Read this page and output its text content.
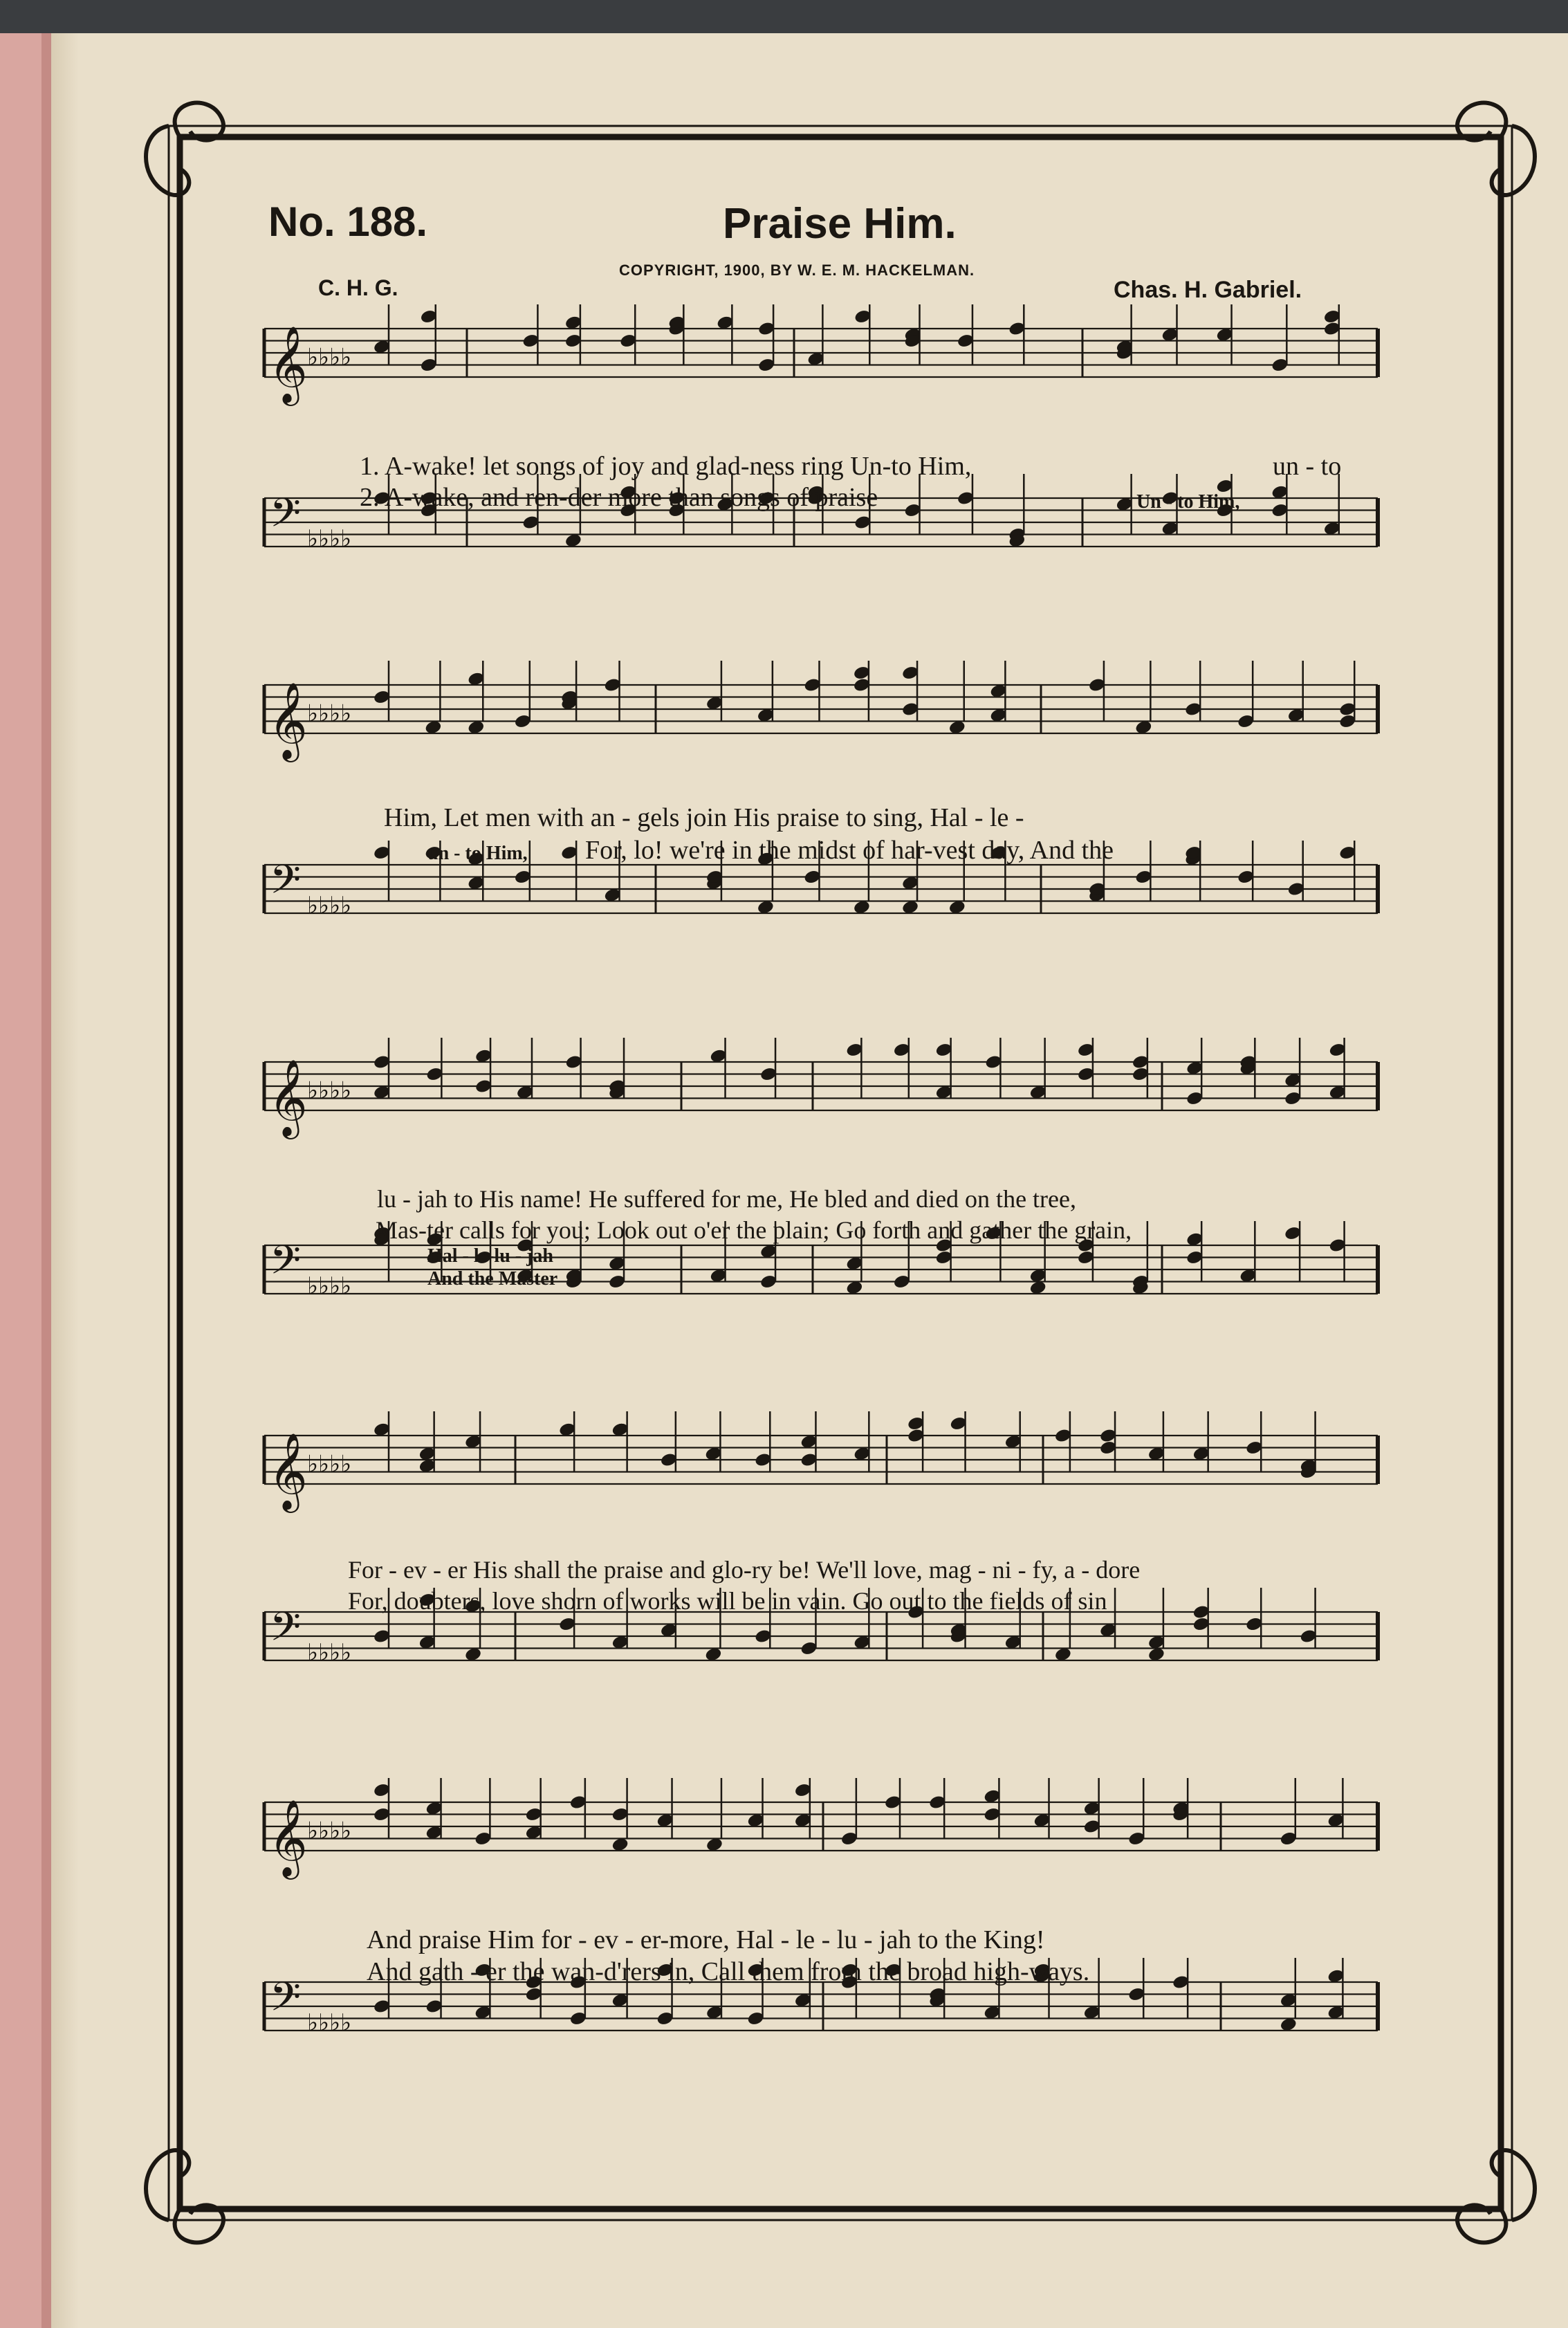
No. 188.	Praise Him.
COPYRIGHT, 1900, BY W. E. M. HACKELMAN.
C. H. G.	Chas. H. Gabriel.
𝄞
𝄢
♭♭♭♭
♭♭♭♭
𝄞
𝄢
♭♭♭♭
♭♭♭♭
𝄞
𝄢
♭♭♭♭
♭♭♭♭
𝄞
𝄢
♭♭♭♭
♭♭♭♭
𝄞
𝄢
♭♭♭♭
♭♭♭♭
1. A-wake! let songs of joy and glad-ness ring Un-to Him,	un - to
2. A-wake, and ren-der more than songs of praise	Un - to Him,
Him, Let men with an - gels join His praise to sing, Hal - le -
un - to Him, For, lo! we're in the midst of har-vest day, And the
lu - jah to His name! He suffered for me, He bled and died on the tree,
Mas-ter calls for you; Look out o'er the plain; Go forth and gather the grain,
Hal - le-lu - jah
And the Master
For - ev - er His shall the praise and glo-ry be! We'll love, mag - ni - fy, a - dore
For, doubters, love shorn of works will be in vain. Go out to the fields of sin
And praise Him for - ev - er-more, Hal - le - lu - jah to the King!
And gath - er the wan-d'rers in, Call them from the broad high-ways.
